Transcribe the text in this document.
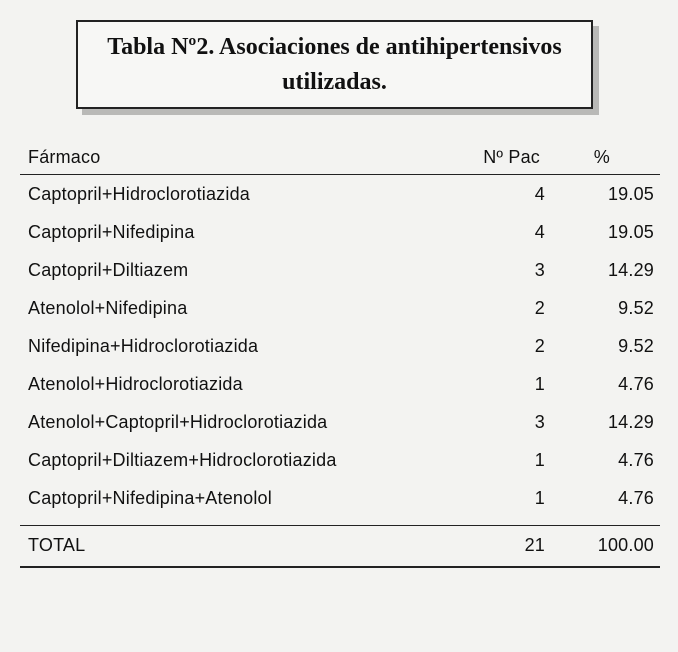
Tabla Nº2. Asociaciones de antihipertensivos utilizadas.
Fármaco	Nº Pac	%
Captopril+Hidroclorotiazida	4	19.05
Captopril+Nifedipina	4	19.05
Captopril+Diltiazem	3	14.29
Atenolol+Nifedipina	2	9.52
Nifedipina+Hidroclorotiazida	2	9.52
Atenolol+Hidroclorotiazida	1	4.76
Atenolol+Captopril+Hidroclorotiazida	3	14.29
Captopril+Diltiazem+Hidroclorotiazida	1	4.76
Captopril+Nifedipina+Atenolol	1	4.76
TOTAL	21	100.00
